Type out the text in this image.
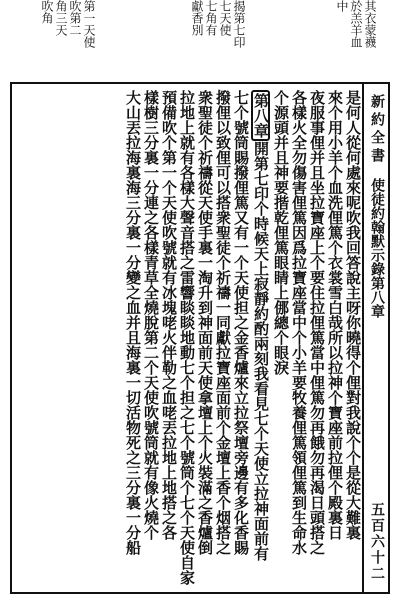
其衣蒙襪
於羔羊血
中
揭第七印
七天使
七角有
獻香別
第一天使
吹第二
角三天
吹角
新約全書
使徒約翰默示錄第八章
五百六十二
是何人從何處來呢吹我回答說主呀你曉得个俚對我說个个是從大難裏
來个用小羊个血洗俚篤个衣裳雪白哉所以拉神个寶座前拉俚个殿裏日
夜服事俚并且坐拉寶座上个要住拉俚篤當中俚篤勿再餓勿再渴日頭搭之
各樣火全勿傷害俚篤因爲拉寶座當中个小羊要牧養俚篤領俚篤到生命水
个源頭并且神要揩乾俚篤眼睛上㑚總个眼淚
第八章開第七印个時候天上寂靜約酌兩刻我看見七个天使立拉神面前有
七个號筒賜撥俚篤又有一个天使担之金香爐來立拉祭壇旁邊有多化香賜
撥俚以致俚可以搭衆聖徒个祈禱一同獻拉寶座面前个金壇上香个烟搭之
衆聖徒个祈禱從天使手裏一淘升到神面前天使拿壇上个火裝滿之香爐倒
拉地上就有各樣大聲音搭之雷響睒睒地動七个担之七个號筒个七个天使自家
預備吹个第一个天使吹號就有冰塊咾火伴勒之血咾丟拉地上地搭之各
樣樹三分裏一分連之各樣青草全燒脫第二个天使吹號筒就有像火燒个
大山丟拉海裏海三分裏一分變之血并且海裏一切活物死之三分裏一分船
